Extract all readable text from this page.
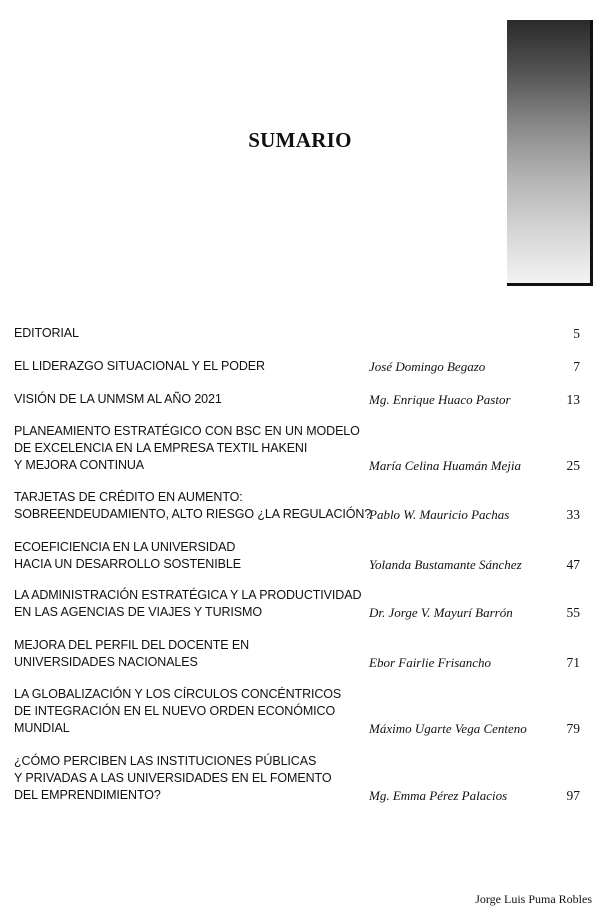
SUMARIO
EDITORIAL	5
EL LIDERAZGO SITUACIONAL Y EL PODER	José Domingo Begazo	7
VISIÓN DE LA UNMSM AL AÑO 2021	Mg. Enrique Huaco Pastor	13
PLANEAMIENTO ESTRATÉGICO CON BSC EN UN MODELO
DE EXCELENCIA EN LA EMPRESA TEXTIL HAKENI
Y MEJORA CONTINUA	María Celina Huamán Mejia	25
TARJETAS DE CRÉDITO EN AUMENTO:
SOBREENDEUDAMIENTO, ALTO RIESGO ¿LA REGULACIÓN?
Pablo W. Mauricio Pachas	33
ECOEFICIENCIA EN LA UNIVERSIDAD
HACIA UN DESARROLLO SOSTENIBLE	Yolanda Bustamante Sánchez	47
LA ADMINISTRACIÓN ESTRATÉGICA Y LA PRODUCTIVIDAD
EN LAS AGENCIAS DE VIAJES Y TURISMO	Dr. Jorge V. Mayurí Barrón	55
MEJORA DEL PERFIL DEL DOCENTE EN
UNIVERSIDADES NACIONALES	Ebor Fairlie Frisancho	71
LA GLOBALIZACIÓN Y LOS CÍRCULOS CONCÉNTRICOS
DE INTEGRACIÓN EN EL NUEVO ORDEN ECONÓMICO
MUNDIAL	Máximo Ugarte Vega Centeno	79
¿CÓMO PERCIBEN LAS INSTITUCIONES PÚBLICAS
Y PRIVADAS A LAS UNIVERSIDADES EN EL FOMENTO
DEL EMPRENDIMIENTO?	Mg. Emma Pérez Palacios	97
Jorge Luis Puma Robles
